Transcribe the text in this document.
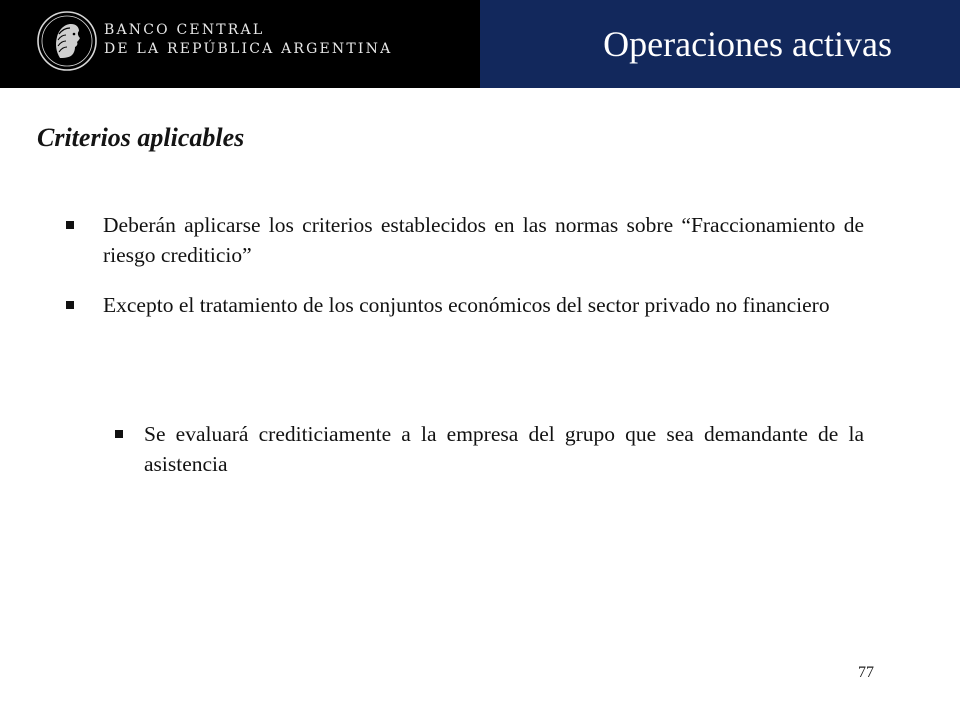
BANCO CENTRAL
DE LA REPÚBLICA ARGENTINA	Operaciones activas
Criterios aplicables
Deberán aplicarse los criterios establecidos en las normas sobre “Fraccionamiento de riesgo crediticio”
Excepto el tratamiento de los conjuntos económicos del sector privado no financiero
Se evaluará crediticiamente a la empresa del grupo que sea demandante de la asistencia
77
